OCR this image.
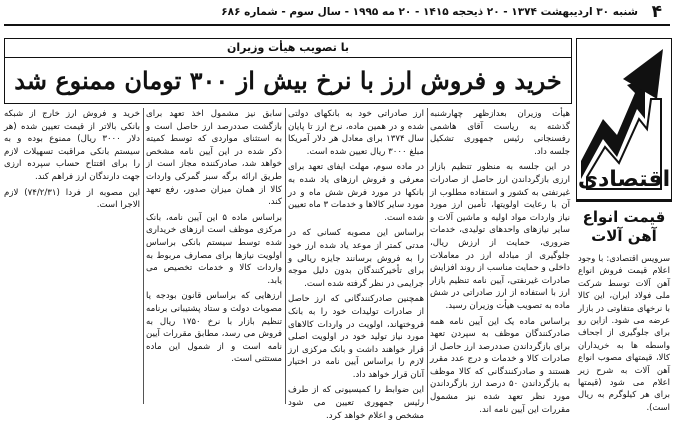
۴
شنبه ۳۰ اردیبهشت ۱۳۷۴ - ۲۰ ذیحجه ۱۴۱۵ - ۲۰ مه ۱۹۹۵ - سال سوم - شماره ۶۸۶
با تصویب هیأت وزیران
خرید و فروش ارز با نرخ بیش از ۳۰۰ تومان ممنوع شد

هیأت وزیران بعدازظهر چهارشنبه گذشته به ریاست آقای هاشمی رفسنجانی رئیس جمهوری تشکیل جلسه داد.

در این جلسه به منظور تنظیم بازار ارزی بازگرداندن ارز حاصل از صادرات غیرنفتی به کشور و استفاده مطلوب از آن با رعایت اولویتها، تأمین ارز مورد نیاز واردات مواد اولیه و ماشین آلات و سایر نیازهای واحدهای تولیدی، خدمات ضروری، حمایت از ارزش ریال، جلوگیری از مبادله ارز در معاملات داخلی و حمایت مناسب از روند افزایش صادرات غیرنفتی، آیین نامه تنظیم بازار ارز با استفاده از ارز صادراتی در شش ماده به تصویب هیأت وزیران رسید.

براساس ماده یک این آیین نامه همه صادرکنندگان موظف به سپردن تعهد برای بازگرداندن صددرصد ارز حاصل از صادرات کالا و خدمات و درج عدد مقرر هستند و صادرکنندگانی که کالا موظف به بازگرداندن ۵۰ درصد ارز بازگرداندن مورد نظر تعهد شده نیز مشمول مقررات این آیین نامه اند.

ارز صادراتی خود به بانکهای دولتی شده و در همین ماده، نرخ ارز تا پایان سال ۱۳۷۴ برای معادل هر دلار آمریکا مبلغ ۳۰۰۰ ریال تعیین شده است.

در ماده سوم، مهلت ایفای تعهد برای معرفی و فروش ارزهای یاد شده به بانکها در مورد فرش شش ماه و در مورد سایر کالاها و خدمات ۳ ماه تعیین شده است.

براساس این مصوبه کسانی که در مدتی کمتر از موعد یاد شده ارز خود را به فروش برسانند جایزه ریالی و برای تأخیرکنندگان بدون دلیل موجه جرایمی در نظر گرفته شده است.

همچنین صادرکنندگانی که ارز حاصل از صادرات تولیدات خود را به بانک فروختهاند، اولویت در واردات کالاهای مورد نیاز تولید خود در اولویت اصلی قرار خواهند داشت و بانک مرکزی ارز لازم را براساس آیین نامه در اختیار آنان قرار خواهد داد.

این ضوابط را کمیسیونی که از طرف رئیس جمهوری تعیین می شود مشخص و اعلام خواهد کرد.

سابق نیز مشمول اخذ تعهد برای بازگشت صددرصد ارز حاصل است و به استثنای مواردی که توسط کمیته ذکر شده در این آیین نامه مشخص خواهد شد، صادرکننده مجاز است از طریق ارائه برگه سبز گمرکی واردات کالا از همان میزان صدور، رفع تعهد کند.

براساس ماده ۵ این آیین نامه، بانک مرکزی موظف است ارزهای خریداری شده توسط سیستم بانکی براساس اولویت نیازها برای مصارف مربوط به واردات کالا و خدمات تخصیص می یابد.

ارزهایی که براساس قانون بودجه یا مصوبات دولت و ستاد پشتیبانی برنامه تنظیم بازار با نرخ ۱۷۵۰ ریال به فروش می رسد، مطابق مقررات آیین نامه است و از شمول این ماده مستثنی است.

خرید و فروش ارز خارج از شبکه بانکی بالاتر از قیمت تعیین شده (هر دلار ۳۰۰۰ ریال) ممنوع بوده و به سیستم بانکی مراقبت تسهیلات لازم را برای افتتاح حساب سپرده ارزی جهت دارندگان ارز فراهم کند.

این مصوبه از فردا (۷۴/۲/۳۱) لازم الاجرا است.

اقتصادی
قیمت انواع آهن آلات
سرویس اقتصادی: با وجود اعلام قیمت فروش انواع آهن آلات توسط شرکت ملی فولاد ایران، این کالا با نرخهای متفاوتی در بازار عرضه می شود. ازاین رو برای جلوگیری از اجحاف واسطه ها به خریداران کالا، قیمتهای مصوب انواع آهن آلات به شرح زیر اعلام می شود (قیمتها برای هر کیلوگرم به ریال است).
